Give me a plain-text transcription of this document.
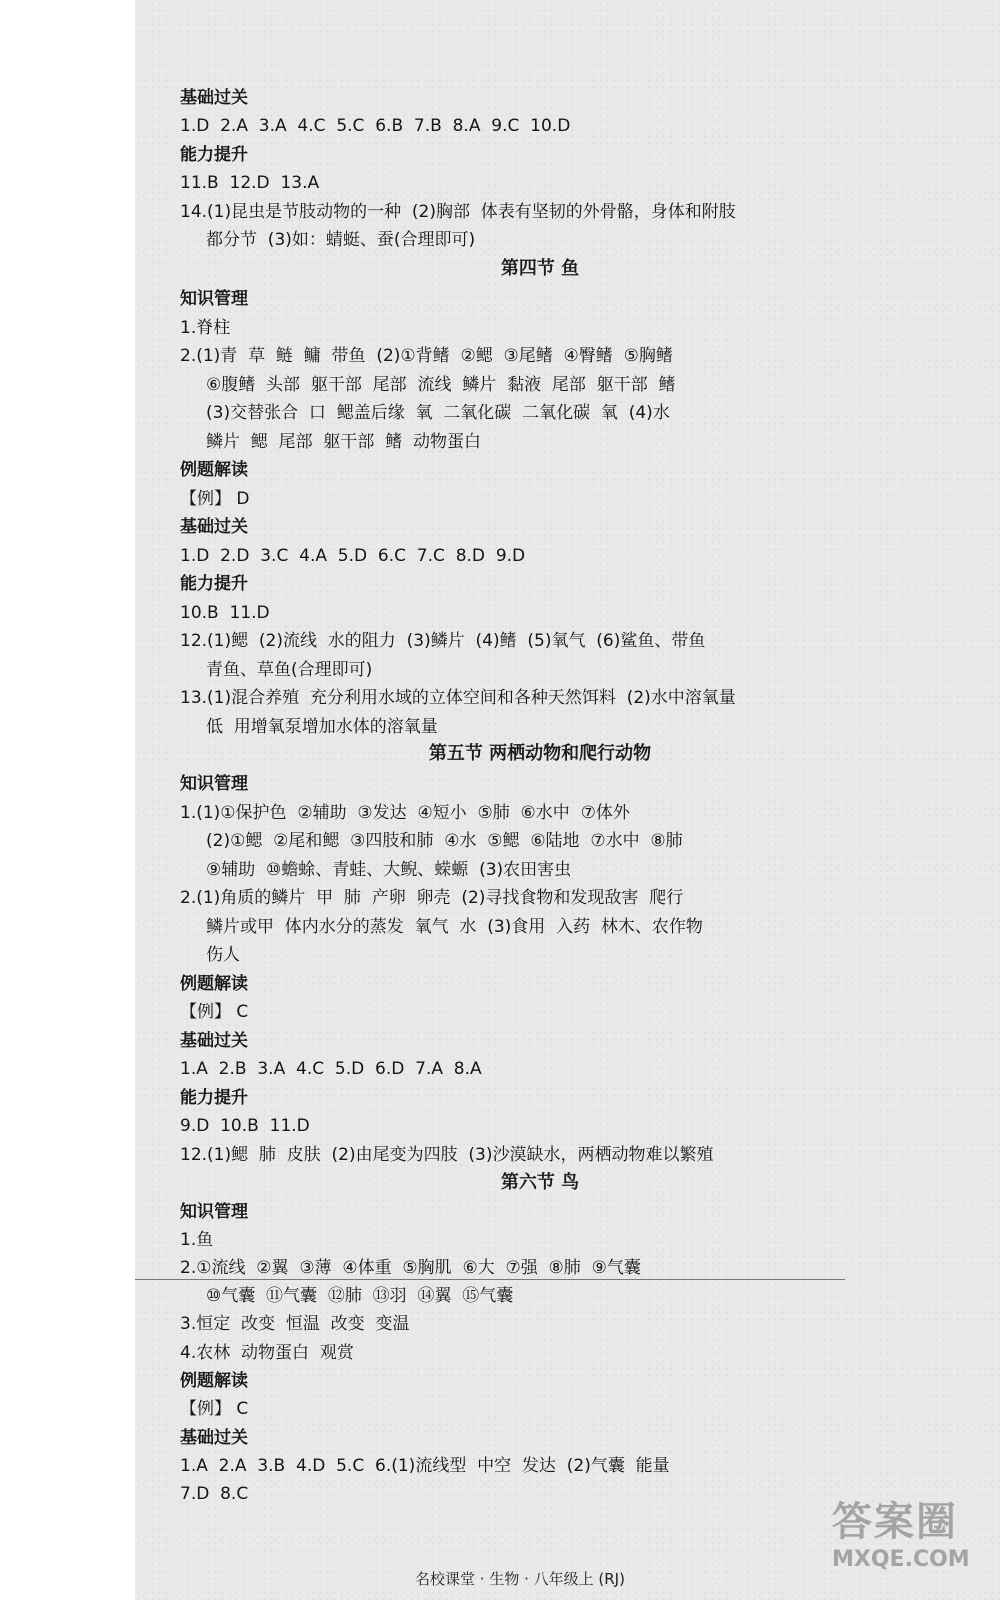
基础过关
1.D  2.A  3.A  4.C  5.C  6.B  7.B  8.A  9.C  10.D
能力提升
11.B  12.D  13.A
14.(1)昆虫是节肢动物的一种  (2)胸部  体表有坚韧的外骨骼，身体和附肢
都分节  (3)如：蜻蜓、蚕(合理即可)
第四节 鱼
知识管理
1.脊柱
2.(1)青  草  鲢  鳙  带鱼  (2)①背鳍  ②鳃  ③尾鳍  ④臀鳍  ⑤胸鳍
⑥腹鳍  头部  躯干部  尾部  流线  鳞片  黏液  尾部  躯干部  鳍
(3)交替张合  口  鳃盖后缘  氧  二氧化碳  二氧化碳  氧  (4)水
鳞片  鳃  尾部  躯干部  鳍  动物蛋白
例题解读
【例】 D
基础过关
1.D  2.D  3.C  4.A  5.D  6.C  7.C  8.D  9.D
能力提升
10.B  11.D
12.(1)鳃  (2)流线  水的阻力  (3)鳞片  (4)鳍  (5)氧气  (6)鲨鱼、带鱼
青鱼、草鱼(合理即可)
13.(1)混合养殖  充分利用水域的立体空间和各种天然饵料  (2)水中溶氧量
低  用增氧泵增加水体的溶氧量
第五节 两栖动物和爬行动物
知识管理
1.(1)①保护色  ②辅助  ③发达  ④短小  ⑤肺  ⑥水中  ⑦体外
(2)①鳃  ②尾和鳃  ③四肢和肺  ④水  ⑤鳃  ⑥陆地  ⑦水中  ⑧肺
⑨辅助  ⑩蟾蜍、青蛙、大鲵、蝾螈  (3)农田害虫
2.(1)角质的鳞片  甲  肺  产卵  卵壳  (2)寻找食物和发现敌害  爬行
鳞片或甲  体内水分的蒸发  氧气  水  (3)食用  入药  林木、农作物
伤人
例题解读
【例】 C
基础过关
1.A  2.B  3.A  4.C  5.D  6.D  7.A  8.A
能力提升
9.D  10.B  11.D
12.(1)鳃  肺  皮肤  (2)由尾变为四肢  (3)沙漠缺水，两栖动物难以繁殖
第六节 鸟
知识管理
1.鱼
2.①流线  ②翼  ③薄  ④体重  ⑤胸肌  ⑥大  ⑦强  ⑧肺  ⑨气囊
⑩气囊  ⑪气囊  ⑫肺  ⑬羽  ⑭翼  ⑮气囊
3.恒定  改变  恒温  改变  变温
4.农林  动物蛋白  观赏
例题解读
【例】 C
基础过关
1.A  2.A  3.B  4.D  5.C  6.(1)流线型  中空  发达  (2)气囊  能量
7.D  8.C
名校课堂 · 生物 · 八年级上 (RJ)
答案圈
MXQE.COM
